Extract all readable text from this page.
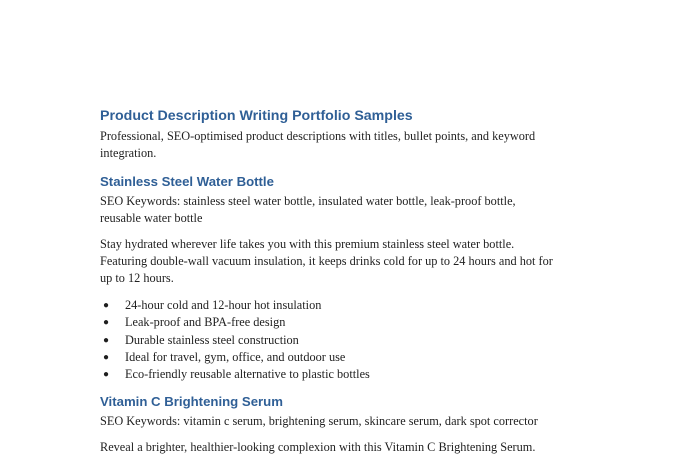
Product Description Writing Portfolio Samples

Professional, SEO-optimised product descriptions with titles, bullet points, and keyword
integration.

Stainless Steel Water Bottle

SEO Keywords: stainless steel water bottle, insulated water bottle, leak-proof bottle,
reusable water bottle

Stay hydrated wherever life takes you with this premium stainless steel water bottle.
Featuring double-wall vacuum insulation, it keeps drinks cold for up to 24 hours and hot for
up to 12 hours.

● 24-hour cold and 12-hour hot insulation
● Leak-proof and BPA-free design
● Durable stainless steel construction
● Ideal for travel, gym, office, and outdoor use
● Eco-friendly reusable alternative to plastic bottles
Vitamin C Brightening Serum

SEO Keywords: vitamin c serum, brightening serum, skincare serum, dark spot corrector

Reveal a brighter, healthier-looking complexion with this Vitamin C Brightening Serum.
